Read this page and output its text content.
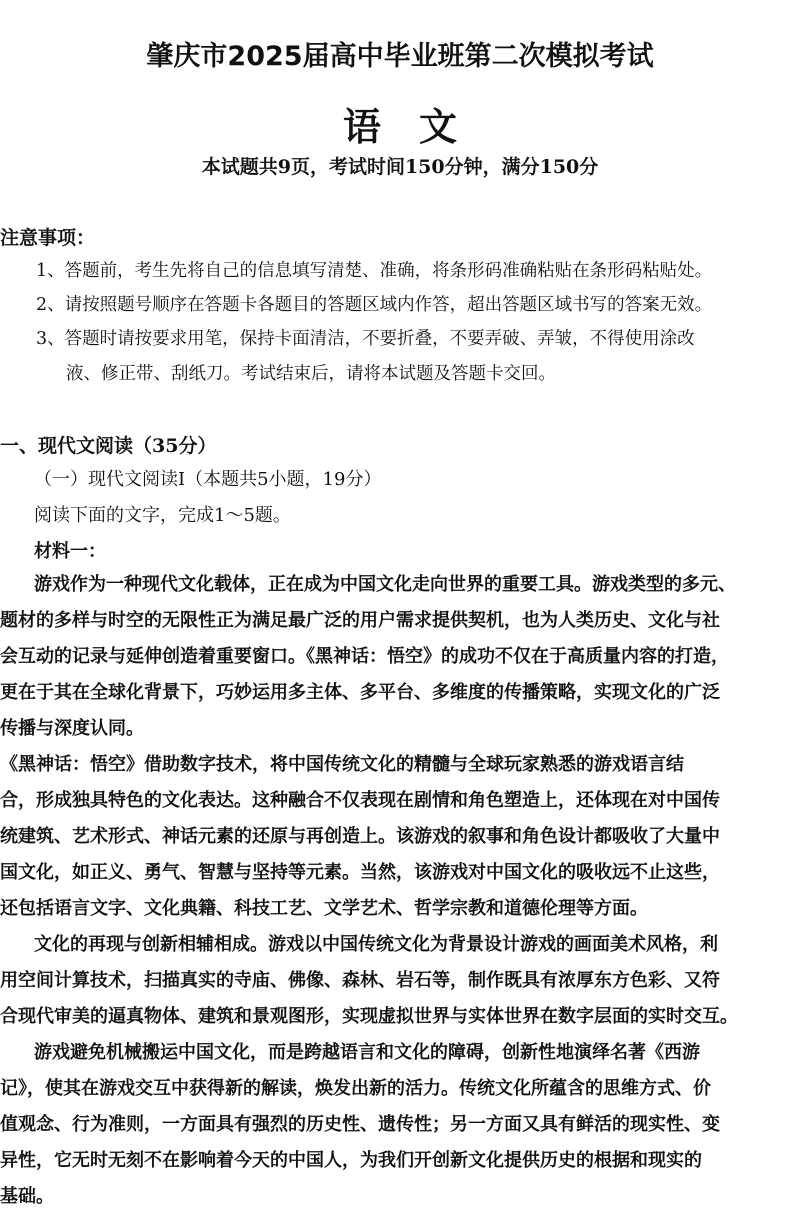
肇庆市2025届高中毕业班第二次模拟考试
语文
本试题共9页，考试时间150分钟，满分150分
注意事项：
1、答题前，考生先将自己的信息填写清楚、准确，将条形码准确粘贴在条形码粘贴处。
2、请按照题号顺序在答题卡各题目的答题区域内作答，超出答题区域书写的答案无效。
3、答题时请按要求用笔，保持卡面清洁，不要折叠，不要弄破、弄皱，不得使用涂改
液、修正带、刮纸刀。考试结束后，请将本试题及答题卡交回。
一、现代文阅读（35分）
（一）现代文阅读Ⅰ（本题共5小题，19分）
阅读下面的文字，完成1～5题。
材料一：
游戏作为一种现代文化载体，正在成为中国文化走向世界的重要工具。游戏类型的多元、
题材的多样与时空的无限性正为满足最广泛的用户需求提供契机，也为人类历史、文化与社
会互动的记录与延伸创造着重要窗口。《黑神话：悟空》的成功不仅在于高质量内容的打造，
更在于其在全球化背景下，巧妙运用多主体、多平台、多维度的传播策略，实现文化的广泛
传播与深度认同。
《黑神话：悟空》借助数字技术，将中国传统文化的精髓与全球玩家熟悉的游戏语言结
合，形成独具特色的文化表达。这种融合不仅表现在剧情和角色塑造上，还体现在对中国传
统建筑、艺术形式、神话元素的还原与再创造上。该游戏的叙事和角色设计都吸收了大量中
国文化，如正义、勇气、智慧与坚持等元素。当然，该游戏对中国文化的吸收远不止这些，
还包括语言文字、文化典籍、科技工艺、文学艺术、哲学宗教和道德伦理等方面。
文化的再现与创新相辅相成。游戏以中国传统文化为背景设计游戏的画面美术风格，利
用空间计算技术，扫描真实的寺庙、佛像、森林、岩石等，制作既具有浓厚东方色彩、又符
合现代审美的逼真物体、建筑和景观图形，实现虚拟世界与实体世界在数字层面的实时交互。
游戏避免机械搬运中国文化，而是跨越语言和文化的障碍，创新性地演绎名著《西游
记》，使其在游戏交互中获得新的解读，焕发出新的活力。传统文化所蕴含的思维方式、价
值观念、行为准则，一方面具有强烈的历史性、遗传性；另一方面又具有鲜活的现实性、变
异性，它无时无刻不在影响着今天的中国人，为我们开创新文化提供历史的根据和现实的
基础。
